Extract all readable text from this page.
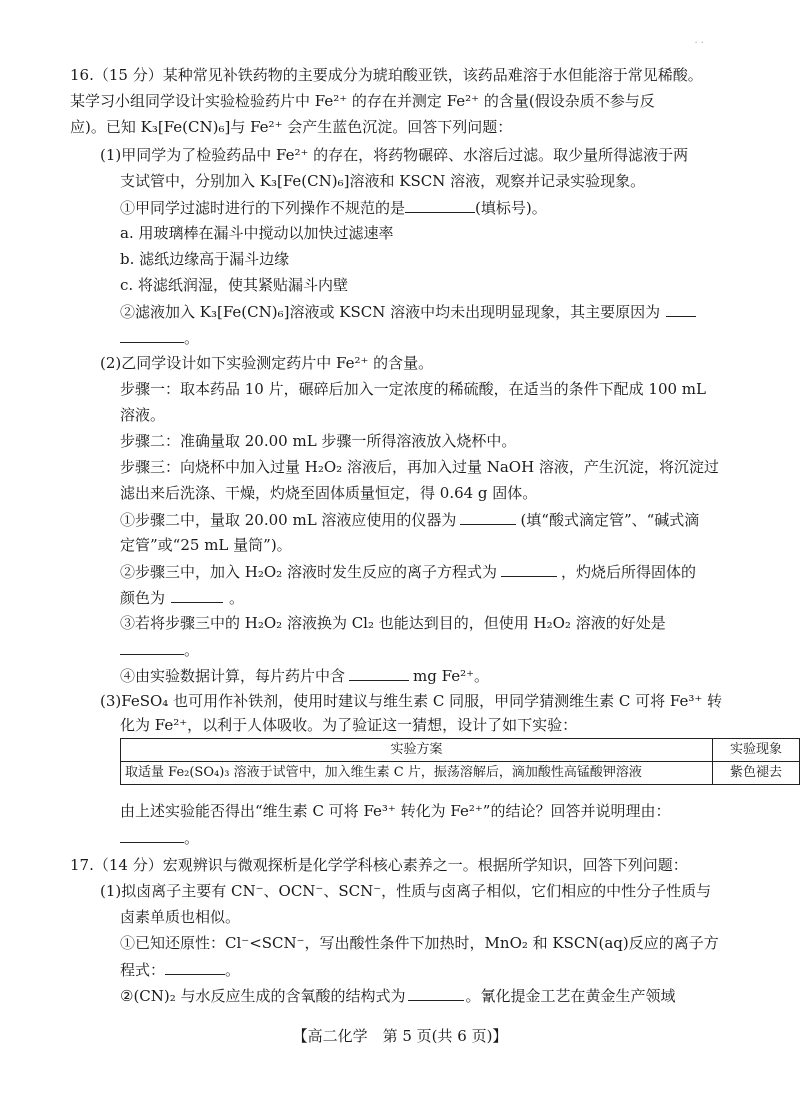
· ·
16.（15 分）某种常见补铁药物的主要成分为琥珀酸亚铁，该药品难溶于水但能溶于常见稀酸。
某学习小组同学设计实验检验药片中 Fe²⁺ 的存在并测定 Fe²⁺ 的含量(假设杂质不参与反
应)。已知 K₃[Fe(CN)₆]与 Fe²⁺ 会产生蓝色沉淀。回答下列问题：
(1)甲同学为了检验药品中 Fe²⁺ 的存在，将药物碾碎、水溶后过滤。取少量所得滤液于两
支试管中，分别加入 K₃[Fe(CN)₆]溶液和 KSCN 溶液，观察并记录实验现象。
①甲同学过滤时进行的下列操作不规范的是	(填标号)。
a. 用玻璃棒在漏斗中搅动以加快过滤速率
b. 滤纸边缘高于漏斗边缘
c. 将滤纸润湿，使其紧贴漏斗内壁
②滤液加入 K₃[Fe(CN)₆]溶液或 KSCN 溶液中均未出现明显现象，其主要原因为
。
(2)乙同学设计如下实验测定药片中 Fe²⁺ 的含量。
步骤一：取本药品 10 片，碾碎后加入一定浓度的稀硫酸，在适当的条件下配成 100 mL
溶液。
步骤二：准确量取 20.00 mL 步骤一所得溶液放入烧杯中。
步骤三：向烧杯中加入过量 H₂O₂ 溶液后，再加入过量 NaOH 溶液，产生沉淀，将沉淀过
滤出来后洗涤、干燥，灼烧至固体质量恒定，得 0.64 g 固体。
①步骤二中，量取 20.00 mL 溶液应使用的仪器为	(填“酸式滴定管”、“碱式滴
定管”或“25 mL 量筒”)。
②步骤三中，加入 H₂O₂ 溶液时发生反应的离子方程式为	，灼烧后所得固体的
颜色为	。
③若将步骤三中的 H₂O₂ 溶液换为 Cl₂ 也能达到目的，但使用 H₂O₂ 溶液的好处是
。
④由实验数据计算，每片药片中含	mg Fe²⁺。
(3)FeSO₄ 也可用作补铁剂，使用时建议与维生素 C 同服，甲同学猜测维生素 C 可将 Fe³⁺ 转
化为 Fe²⁺，以利于人体吸收。为了验证这一猜想，设计了如下实验：
实验方案	实验现象
取适量 Fe₂(SO₄)₃ 溶液于试管中，加入维生素 C 片，振荡溶解后，滴加酸性高锰酸钾溶液	紫色褪去
由上述实验能否得出“维生素 C 可将 Fe³⁺ 转化为 Fe²⁺”的结论？回答并说明理由：
。
17.（14 分）宏观辨识与微观探析是化学学科核心素养之一。根据所学知识，回答下列问题：
(1)拟卤离子主要有 CN⁻、OCN⁻、SCN⁻，性质与卤离子相似，它们相应的中性分子性质与
卤素单质也相似。
①已知还原性：Cl⁻<SCN⁻，写出酸性条件下加热时，MnO₂ 和 KSCN(aq)反应的离子方
程式：	。
②(CN)₂ 与水反应生成的含氧酸的结构式为	。氰化提金工艺在黄金生产领域
【高二化学　第 5 页(共 6 页)】
